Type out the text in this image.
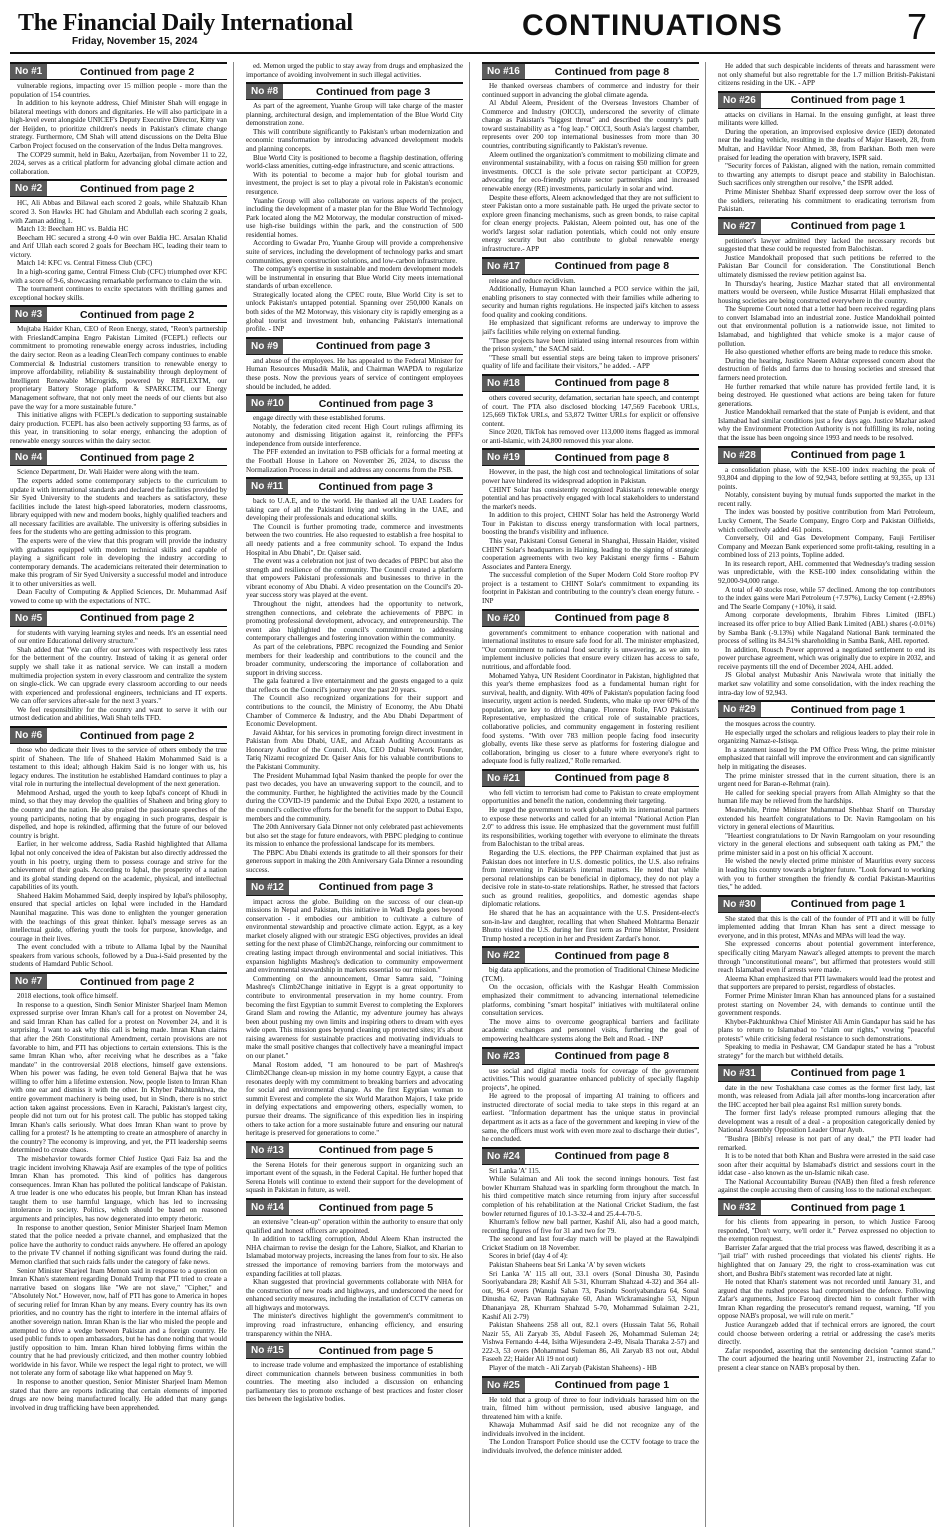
The Financial Daily International
Friday, November 15, 2024	CONTINUATIONS	7
No #1	Continued from page 2

vulnerable regions, impacting over 15 million people - more than the population of 154 countries.

In addition to his keynote address, Chief Minister Shah will engage in bilateral meetings with donors and dignitaries. He will also participate in a high-level event alongside UNICEF's Deputy Executive Director, Kitty van der Heijden, to prioritize children's needs in Pakistan's climate change strategy. Furthermore, CM Shah will attend discussions on the Delta Blue Carbon Project focused on the conservation of the Indus Delta mangroves.

The COP29 summit, held in Baku, Azerbaijan, from November 11 to 22, 2024, serves as a critical platform for advancing global climate action and collaboration.

No #2	Continued from page 2

HC, Ali Abbas and Bilawal each scored 2 goals, while Shahzaib Khan scored 3. Son Hawks HC had Ghulam and Abdullah each scoring 2 goals, with Zaman adding 1.

Match 13: Beecham HC vs. Baldia HC

Beecham HC secured a strong 4-0 win over Baldia HC. Arsalan Khalid and Arif Ullah each scored 2 goals for Beecham HC, leading their team to victory.

Match 14: KFC vs. Central Fitness Club (CFC)

In a high-scoring game, Central Fitness Club (CFC) triumphed over KFC with a score of 9-6, showcasing remarkable performance to claim the win.

The tournament continues to excite spectators with thrilling games and exceptional hockey skills.

No #3	Continued from page 2

Mujtaba Haider Khan, CEO of Reon Energy, stated, "Reon's partnership with FrieslandCampina Engro Pakistan Limited (FCEPL) reflects our commitment to promoting renewable energy across industries, including the dairy sector. Reon as a leading CleanTech company continues to enable Commercial & Industrial customers transition to renewable energy to improve affordability, reliability & sustainability through deployment of Intelligent Renewable Microgrids, powered by REFLEXTM, our proprietary Battery Storage platform & SPARKCTM, our Energy Management software, that not only meet the needs of our clients but also pave the way for a more sustainable future."

This initiative aligns with FCEPL's dedication to supporting sustainable dairy production. FCEPL has also been actively supporting 93 farms, as of this year, in transitioning to solar energy, enhancing the adoption of renewable energy sources within the dairy sector.

No #4	Continued from page 2

Science Department, Dr. Wali Haider were along with the team.

The experts added some contemporary subjects to the curriculum to update it with international standards and declared the facilities provided by Sir Syed University to the students and teachers as satisfactory, these facilities include the latest high-speed laboratories, modern classrooms, library equipped with new and modern books, highly qualified teachers and all necessary facilities are available. The university is offering subsidies in fees for the students who are getting admission to this program.

The experts were of the view that this program will provide the industry with graduates equipped with modern technical skills and capable of playing a significant role in developing the industry according to contemporary demands. The academicians reiterated their determination to make this program of Sir Syed University a successful model and introduce it to other universities as well.

Dean Faculty of Computing & Applied Sciences, Dr. Muhammad Asif vowed to come up with the expectations of NTC.

No #5	Continued from page 2

for students with varying learning styles and needs. It's an essential need of our entire Educational delivery structure."

Shah added that "We can offer our services with respectively less rates for the betterment of the country. Instead of taking it as general order supply we shall take it as national service. We can install a modern multimedia projection system in every classroom and centralize the system on single-click. We can upgrade every classroom according to our needs with experienced and professional engineers, technicians and IT experts. We can offer services after-sale for the next 3 years."

We feel responsibility for the country and want to serve it with our utmost dedication and abilities, Wali Shah tells TFD.

No #6	Continued from page 2

those who dedicate their lives to the service of others embody the true spirit of Shaheen. The life of Shaheed Hakim Mohammed Said is a testament to this ideal; although Hakim Said is no longer with us, his legacy endures. The institution he established Hamdard continues to play a vital role in nurturing the intellectual development of the next generation.

Mehmood Arshad, urged the youth to keep Iqbal's concept of Khudi in mind, so that they may develop the qualities of Shaheen and bring glory to the country and the nation. He also praised the passionate speeches of the young participants, noting that by engaging in such programs, despair is dispelled, and hope is rekindled, affirming that the future of our beloved country is bright.

Earlier, in her welcome address, Sadia Rashid highlighted that Allama Iqbal not only conceived the idea of Pakistan but also directly addressed the youth in his poetry, urging them to possess courage and strive for the achievement of their goals. According to Iqbal, the prosperity of a nation and its global standing depend on the academic, physical, and intellectual capabilities of its youth.

Shaheed Hakim Mohammed Said, deeply inspired by Iqbal's philosophy, ensured that special articles on Iqbal were included in the Hamdard Naunihal magazine. This was done to enlighten the younger generation with the teachings of this great thinker. Iqbal's message serves as an intellectual guide, offering youth the tools for purpose, knowledge, and courage in their lives.

The event concluded with a tribute to Allama Iqbal by the Naunihal speakers from various schools, followed by a Dua-i-Said presented by the students of Hamdard Public School.

No #7	Continued from page 2

2018 elections, took office himself.

In response to a question, Sindh Senior Minister Sharjeel Inam Memon expressed surprise over Imran Khan's call for a protest on November 24, and said Imran Khan has called for a protest on November 24, and it is surprising. I want to ask why this call is being made. Imran Khan claims that after the 26th Constitutional Amendment, certain provisions are not favorable to him, and PTI has objections to certain extensions. This is the same Imran Khan who, after receiving what he describes as a "fake mandate" in the controversial 2018 elections, himself gave extensions. When his power was fading, he even told General Bajwa that he was willing to offer him a lifetime extension. Now, people listen to Imran Khan with one ear and dismiss it with the other. In Khyber Pakhtunkhwa, the entire government machinery is being used, but in Sindh, there is no strict action taken against processions. Even in Karachi, Pakistan's largest city, people did not turn out for his protest call. The public has stopped taking Imran Khan's calls seriously. What does Imran Khan want to prove by calling for a protest? Is he attempting to create an atmosphere of anarchy in the country? The economy is improving, and yet, the PTI leadership seems determined to create chaos.

The misbehavior towards former Chief Justice Qazi Faiz Isa and the tragic incident involving Khawaja Asif are examples of the type of politics Imran Khan has promoted. This kind of politics has dangerous consequences. Imran Khan has polluted the political landscape of Pakistan. A true leader is one who educates his people, but Imran Khan has instead taught them to use harmful language, which has led to increasing intolerance in society. Politics, which should be based on reasoned arguments and principles, has now degenerated into empty rhetoric.

In response to another question, Senior Minister Sharjeel Inam Memon stated that the police needed a private channel, and emphasized that the police have the authority to conduct raids anywhere. He offered an apology to the private TV channel if nothing significant was found during the raid. Memon clarified that such raids falls under the category of fake news.

Senior Minister Sharjeel Inam Memon said in response to a question on Imran Khan's statement regarding Donald Trump that PTI tried to create a narrative based on slogans like "We are not slave," "Cipher," and "Absolutely Not." However, now, half of PTI has gone to America in hopes of securing relief for Imran Khan by any means. Every country has its own priorities, and no country has the right to interfere in the internal affairs of another sovereign nation. Imran Khan is the liar who misled the people and attempted to drive a wedge between Pakistan and a foreign country. He used public funds to open ambassadors, but he has done nothing that would justify opposition to him. Imran Khan hired lobbying firms within the country that he had previously criticized, and then mother country lobbied worldwide in his favor. While we respect the legal right to protect, we will not tolerate any form of sabotage like what happened on May 9.

In response to another question, Senior Minister Sharjeel Inam Memon stated that there are reports indicating that certain elements of imported drugs are now being manufactured locally. He added that many gangs involved in drug trafficking have been apprehended.

ed. Memon urged the public to stay away from drugs and emphasized the importance of avoiding involvement in such illegal activities.

No #8	Continued from page 3

As part of the agreement, Yuanhe Group will take charge of the master planning, architectural design, and implementation of the Blue World City demonstration zone.

This will contribute significantly to Pakistan's urban modernization and economic transformation by introducing advanced development models and planning concepts.

Blue World City is positioned to become a flagship destination, offering world-class amenities, cutting-edge infrastructure, and scenic attractions.

With its potential to become a major hub for global tourism and investment, the project is set to play a pivotal role in Pakistan's economic resurgence.

Yuanhe Group will also collaborate on various aspects of the project, including the development of a master plan for the Blue World Technology Park located along the M2 Motorway, the modular construction of mixed-use high-rise buildings within the park, and the construction of 500 residential homes.

According to Gwadar Pro, Yuanhe Group will provide a comprehensive suite of services, including the development of technology parks and smart communities, green construction solutions, and low-carbon infrastructure.

The company's expertise in sustainable and modern development models will be instrumental in ensuring that Blue World City meets international standards of urban excellence.

Strategically located along the CPEC route, Blue World City is set to unlock Pakistan's untapped potential. Spanning over 250,000 Kanals on both sides of the M2 Motorway, this visionary city is rapidly emerging as a global tourist and investment hub, enhancing Pakistan's international profile. - INP

No #9	Continued from page 3

and abuse of the employees. He has appealed to the Federal Minister for Human Resources Musadik Malik, and Chairman WAPDA to regularize these posts. Now the previous years of service of contingent employees should be included, he added.

No #10	Continued from page 3

engage directly with these established forums.

Notably, the federation cited recent High Court rulings affirming its autonomy and dismissing litigation against it, reinforcing the PFF's independence from outside interference.

The PFF extended an invitation to PSB officials for a formal meeting at the Football House in Lahore on November 26, 2024, to discuss the Normalization Process in detail and address any concerns from the PSB.

No #11	Continued from page 3

back to U.A.E, and to the world. He thanked all the UAE Leaders for taking care of all the Pakistani living and working in the UAE, and developing their professionals and educational skills.

The Council is further promoting trade, commerce and investments between the two countries. He also requested to establish a free hospital to all needy patients and a free community school. To expand the Indus Hospital in Abu Dhabi", Dr. Qaiser said.

The event was a celebration not just of two decades of PBPC but also the strength and resilience of the community. The Council created a platform that empowers Pakistani professionals and businesses to thrive in the vibrant economy of Abu Dhabi. A video presentation on the Council's 20-year success story was played at the event.

Throughout the night, attendees had the opportunity to network, strengthen connections, and celebrate the achievements of PBPC in promoting professional development, advocacy, and entrepreneurship. The event also highlighted the council's commitment to addressing contemporary challenges and fostering innovation within the community.

As part of the celebrations, PBPC recognized the Founding and Senior members for their leadership and contributions to the council and the broader community, underscoring the importance of collaboration and support in driving success.

The gala featured a live entertainment and the guests engaged to a quiz that reflects on the Council's journey over the past 20 years.

The Council also recognized organizations for their support and contributions to the council, the Ministry of Economy, the Abu Dhabi Chamber of Commerce & Industry, and the Abu Dhabi Department of Economic Development.

Javaid Akhtar, for his services in promoting foreign direct investment in Pakistan from Abu Dhabi, UAE, and Afzaah Auditing Accountants as Honorary Auditor of the Council. Also, CEO Dubai Network Founder, Tariq Nizami recognized Dr. Qaiser Anis for his valuable contributions to the Pakistani Community.

The President Muhammad Iqbal Nasim thanked the people for over the past two decades, you have an unwavering support to the council, and to the community. Further, he highlighted the activities made by the Council during the COVID-19 pandemic and the Dubai Expo 2020, a testament to the council's collective efforts for the benefit for the support to Dubai Expo, members and the community.

The 20th Anniversary Gala Dinner not only celebrated past achievements but also set the stage for future endeavors, with PBPC pledging to continue its mission to enhance the professional landscape for its members.

The PBPC Abu Dhabi extends its gratitude to all their sponsors for their generous support in making the 20th Anniversary Gala Dinner a resounding success.

No #12	Continued from page 3

impact across the globe. Building on the success of our clean-up missions in Nepal and Pakistan, this initiative in Wadi Degla goes beyond conservation - it embodies our ambition to cultivate a culture of environmental stewardship and proactive climate action. Egypt, as a key market closely aligned with our strategic ESG objectives, provides an ideal setting for the next phase of Climb2Change, reinforcing our commitment to creating lasting impact through environmental and social initiatives. This expansion highlights Mashreq's dedication to community empowerment and environmental stewardship in markets essential to our mission."

Commenting on the announcement, Omar Samra said, "Joining Mashreq's Climb2Change initiative in Egypt is a great opportunity to contribute to environmental preservation in my home country. From becoming the first Egyptian to summit Everest to completing the Explorers Grand Slam and rowing the Atlantic, my adventure journey has always been about pushing my own limits and inspiring others to dream with eyes wide open. This mission goes beyond cleaning up protected sites; it's about raising awareness for sustainable practices and motivating individuals to make the small positive changes that collectively have a meaningful impact on our planet."

Manal Rostom added, "I am honoured to be part of Mashreq's Climb2Change clean-up mission in my home country Egypt, a cause that resonates deeply with my commitment to breaking barriers and advocating for social and environmental change. As the first Egyptian woman to summit Everest and complete the six World Marathon Majors, I take pride in defying expectations and empowering others, especially women, to pursue their dreams. The significance of this expedition lies in inspiring others to take action for a more sustainable future and ensuring our natural heritage is preserved for generations to come."

No #13	Continued from page 5

the Serena Hotels for their generous support in organizing such an important event of the squash, in the Federal Capital. He further hoped that Serena Hotels will continue to extend their support for the development of squash in Pakistan in future, as well.

No #14	Continued from page 5

an extensive "clean-up" operation within the authority to ensure that only qualified and honest officers are appointed.

In addition to tackling corruption, Abdul Aleem Khan instructed the NHA chairman to revise the design for the Lahore, Sialkot, and Kharian to Islamabad motorway projects, increasing the lanes from four to six. He also stressed the importance of removing barriers from the motorways and expanding facilities at toll plazas.

Khan suggested that provincial governments collaborate with NHA for the construction of new roads and highways, and underscored the need for enhanced security measures, including the installation of CCTV cameras on all highways and motorways.

The minister's directives highlight the government's commitment to improving road infrastructure, enhancing efficiency, and ensuring transparency within the NHA.

No #15	Continued from page 5

to increase trade volume and emphasized the importance of establishing direct communication channels between business communities in both countries. The meeting also included a discussion on enhancing parliamentary ties to promote exchange of best practices and foster closer ties between the legislative bodies.

No #16	Continued from page 8

He thanked overseas chambers of commerce and industry for their continued support in advancing the global climate agenda.

Al Abdul Aleem, President of the Overseas Investors Chamber of Commerce and Industry (OICCI), underscored the severity of climate change as Pakistan's "biggest threat" and described the country's path toward sustainability as a "fog leap." OICCI, South Asia's largest chamber, represents over 200 top international businesses from more than 30 countries, contributing significantly to Pakistan's revenue.

Aleem outlined the organization's commitment to mobilizing climate and environmental sustainability, with a focus on raising $50 million for green investments. OICCI is the sole private sector participant at COP29, advocating for eco-friendly private sector partnerships and increased renewable energy (RE) investments, particularly in solar and wind.

Despite these efforts, Aleem acknowledged that they are not sufficient to steer Pakistan onto a more sustainable path. He urged the private sector to explore green financing mechanisms, such as green bonds, to raise capital for clean energy projects. Pakistan, Aleem pointed out, has one of the world's largest solar radiation potentials, which could not only ensure energy security but also contribute to global renewable energy infrastructure.- APP

No #17	Continued from page 8

release and reduce recidivism.

Additionally, Humayun Khan launched a PCO service within the jail, enabling prisoners to stay connected with their families while adhering to security and human rights regulations. He inspected jail's kitchen to assess food quality and cooking conditions.

He emphasized that significant reforms are underway to improve the jail's facilities while relying on external funding.

"These projects have been initiated using internal resources from within the prison system," the SACM said.

"These small but essential steps are being taken to improve prisoners' quality of life and facilitate their visitors," he added. - APP

No #18	Continued from page 8

others covered security, defamation, sectarian hate speech, and contempt of court. The PTA also disclosed blocking 147,569 Facebook URLs, 125,669 TikTok URLs, and 53,872 Twitter URLs for explicit or offensive content.

Since 2020, TikTok has removed over 113,000 items flagged as immoral or anti-Islamic, with 24,800 removed this year alone.

No #19	Continued from page 8

However, in the past, the high cost and technological limitations of solar power have hindered its widespread adoption in Pakistan.

CHINT Solar has consistently recognized Pakistan's renewable energy potential and has proactively engaged with local stakeholders to understand the market's needs.

In addition to this project, CHINT Solar has held the Astronergy World Tour in Pakistan to discuss energy transformation with local partners, boosting the brand's visibility and influence.

This year, Pakistani Consul General in Shanghai, Hussain Haider, visited CHINT Solar's headquarters in Haining, leading to the signing of strategic cooperation agreements with two key Pakistani energy firms - Bahum Associates and Pantera Energy.

The successful completion of the Super Modern Cold Store rooftop PV project is a testament to CHINT Solar's commitment to expanding its footprint in Pakistan and contributing to the country's clean energy future. - INP

No #20	Continued from page 8

government's commitment to enhance cooperation with national and international institutes to ensure safe food for all. The minister emphasized, "Our commitment to national food security is unwavering, as we aim to implement inclusive policies that ensure every citizen has access to safe, nutritious, and affordable food.

Mohamed Yahya, UN Resident Coordinator in Pakistan, highlighted that this year's theme emphasizes food as a fundamental human right for survival, health, and dignity. With 40% of Pakistan's population facing food insecurity, urgent action is needed. Students, who make up over 60% of the population, are key to driving change. Florence Rolle, FAO Pakistan's Representative, emphasized the critical role of sustainable practices, collaborative policies, and community engagement in fostering resilient food systems. "With over 783 million people facing food insecurity globally, events like these serve as platforms for fostering dialogue and collaboration, bringing us closer to a future where everyone's right to adequate food is fully realized," Rolle remarked.

No #21	Continued from page 8

who fell victim to terrorism had come to Pakistan to create employment opportunities and benefit the nation, condemning their targeting.

He urged the government to work globally with its international partners to expose these networks and called for an internal "National Action Plan 2.0" to address this issue. He emphasized that the government must fulfill its responsibilities, working together with everyone to eliminate the threats from Balochistan to the tribal areas.

Regarding the U.S. elections, the PPP Chairman explained that just as Pakistan does not interfere in U.S. domestic politics, the U.S. also refrains from intervening in Pakistan's internal matters. He noted that while personal relationships can be beneficial in diplomacy, they do not play a decisive role in state-to-state relationships. Rather, he stressed that factors such as ground realities, geopolitics, and domestic agendas shape diplomatic relations.

He shared that he has an acquaintance with the U.S. President-elect's son-in-law and daughter, recalling that when Shaheed Mohtarma Benazir Bhutto visited the U.S. during her first term as Prime Minister, President Trump hosted a reception in her and President Zardari's honor.

No #22	Continued from page 8

big data applications, and the promotion of Traditional Chinese Medicine (TCM).

On the occasion, officials with the Kashgar Health Commission emphasized their commitment to advancing international telemedicine platforms, combining "smart hospital" initiatives with multilateral online consultation services.

The move aims to overcome geographical barriers and facilitate academic exchanges and personnel visits, furthering the goal of empowering healthcare systems along the Belt and Road. - INP

No #23	Continued from page 8

use social and digital media tools for coverage of the government activities."This would guarantee enhanced publicity of specially flagship projects", he opined.

He agreed to the proposal of imparting AI training to officers and instructed directorate of social media to take steps in this regard at an earliest. "Information department has the unique status in provincial department as it acts as a face of the government and keeping in view of the same, the officers must work with even more zeal to discharge their duties", he concluded.

No #24	Continued from page 8

Sri Lanka 'A' 115.

While Sulaiman and Ali took the second innings honours. Test fast bowler Khurram Shahzad was in sparkling form throughout the match. In his third competitive match since returning from injury after successful completion of his rehabilitation at the National Cricket Stadium, the fast bowler returned figures of 10.1-3-32-4 and 25.4-4-70-5.

Khurram's fellow new ball partner, Kashif Ali, also had a good match, recording figures of five for 31 and two for 79.

The second and last four-day match will be played at the Rawalpindi Cricket Stadium on 18 November.

Scores in brief (day 4 of 4):

Pakistan Shaheens beat Sri Lanka 'A' by seven wickets

Sri Lanka 'A' 115 all out, 33.1 overs (Sonal Dinusha 30, Pasindu Sooriyabandara 28; Kashif Ali 5-31, Khurram Shahzad 4-32) and 364 all-out, 96.4 overs (Wanuja Sahan 73, Pasindu Sooriyabandara 64, Sonal Dinusha 62, Pavan Rathnayake 60, Ahan Wickramasinghe 53, Nipun Dhananjaya 28, Khurram Shahzad 5-70, Mohammad Sulaiman 2-21, Kashif Ali 2-79)

Pakistan Shaheens 258 all out, 82.1 overs (Hussain Talat 56, Rohail Nazir 55, Ali Zaryab 35, Abdul Faseeh 26, Mohammad Suleman 24; Vishwa Fernando 4-44, Isitha Wijesundera 2-49, Nisala Tharaka 2-57) and 222-3, 53 overs (Mohammad Suleman 86, Ali Zaryab 83 not out, Abdul Faseeh 22; Haider Ali 19 not out)

Player of the match - Ali Zaryab (Pakistan Shaheens) - HB

No #25	Continued from page 1

He told that a group of three to four individuals harassed him on the train, filmed him without permission, used abusive language, and threatened him with a knife.

Khawaja Muhammad Asif said he did not recognize any of the individuals involved in the incident.

The London Transport Police should use the CCTV footage to trace the individuals involved, the defence minister added.

He added that such despicable incidents of threats and harassment were not only shameful but also regrettable for the 1.7 million British-Pakistani citizens residing in the UK. - APP

No #26	Continued from page 1

attacks on civilians in Harnai. In the ensuing gunfight, at least three militants were killed.

During the operation, an improvised explosive device (IED) detonated near the leading vehicle, resulting in the deaths of Major Haseeb, 28, from Multan, and Havildar Noor Ahmed, 38, from Barkhan. Both men were praised for leading the operation with bravery, ISPR said.

"Security forces of Pakistan, aligned with the nation, remain committed to thwarting any attempts to disrupt peace and stability in Balochistan. Such sacrifices only strengthen our resolve," the ISPR added.

Prime Minister Shehbaz Sharif expressed deep sorrow over the loss of the soldiers, reiterating his commitment to eradicating terrorism from Pakistan.

No #27	Continued from page 1

petitioner's lawyer admitted they lacked the necessary records but suggested that these could be requested from Balochistan.

Justice Mandokhail proposed that such petitions be referred to the Pakistan Bar Council for consideration. The Constitutional Bench ultimately dismissed the review petition against Isa.

In Thursday's hearing, Justice Mazhar stated that all environmental matters would be overseen, while Justice Musarrat Hilali emphasized that housing societies are being constructed everywhere in the country.

The Supreme Court noted that a letter had been received regarding plans to convert Islamabad into an industrial zone. Justice Mandokhail pointed out that environmental pollution is a nationwide issue, not limited to Islamabad, and highlighted that vehicle smoke is a major cause of pollution.

He also questioned whether efforts are being made to reduce this smoke.

During the hearing, Justice Naeem Akhtar expressed concern about the destruction of fields and farms due to housing societies and stressed that farmers need protection.

He further remarked that while nature has provided fertile land, it is being destroyed. He questioned what actions are being taken for future generations.

Justice Mandokhail remarked that the state of Punjab is evident, and that Islamabad had similar conditions just a few days ago. Justice Mazhar asked why the Environment Protection Authority is not fulfilling its role, noting that the issue has been ongoing since 1993 and needs to be resolved.

No #28	Continued from page 1

a consolidation phase, with the KSE-100 index reaching the peak of 93,804 and dipping to the low of 92,943, before settling at 93,355, up 131 points.

Notably, consistent buying by mutual funds supported the market in the recent rally.

The index was boosted by positive contribution from Mari Petroleum, Lucky Cement, The Searle Company, Engro Corp and Pakistan Oilfields, which collectively added 461 points.

Conversely, Oil and Gas Development Company, Fauji Fertiliser Company and Meezan Bank experienced some profit-taking, resulting in a combined loss of 213 points, Topline added.

In its research report, AHL commented that Wednesday's trading session was unpredictable, with the KSE-100 index consolidating within the 92,000-94,000 range.

A total of 40 stocks rose, while 57 declined. Among the top contributors to the index gains were Mari Petroleum (+7.97%), Lucky Cement (+2.89%) and The Searle Company (+10%), it said.

Among corporate developments, Ibrahim Fibres Limited (IBFL) increased its offer price to buy Allied Bank Limited (ABL) shares (-0.01%) by Samba Bank (-9.13%) while Nagaland National Bank terminated the process of selling its 84.51% shareholding in Samba Bank, AHL reported.

In addition, Rousch Power approved a negotiated settlement to end its power purchase agreement, which was originally due to expire in 2032, and receive payments till the end of December 2024, AHL added.

JS Global analyst Mubashir Anis Nawiwala wrote that initially the market saw volatility and some consolidation, with the index reaching the intra-day low of 92,943.

No #29	Continued from page 1

the mosques across the country.

He especially urged the scholars and religious leaders to play their role in organizing Namaz-e-Istisqa.

In a statement issued by the PM Office Press Wing, the prime minister emphasized that rainfall will improve the environment and can significantly help in mitigating the diseases.

The prime minister stressed that in the current situation, there is an urgent need for Baran-e-Rehmat (rain).

He called for seeking special prayers from Allah Almighty so that the human life may be relieved from the hardships.

Meanwhile, Prime Minister Muhammad Shehbaz Sharif on Thursday extended his heartfelt congratulations to Dr. Navin Ramgoolam on his victory in general elections of Mauritius.

"Heartiest congratulations to Dr Navin Ramgoolam on your resounding victory in the general elections and subsequent oath taking as PM," the prime minister said in a post on his official X account.

He wished the newly elected prime minister of Mauritius every success in leading his country towards a brighter future. "Look forward to working with you to further strengthen the friendly & cordial Pakistan-Mauritius ties," he added.

No #30	Continued from page 1

She stated that this is the call of the founder of PTI and it will be fully implemented adding that Imran Khan has sent a direct message to everyone, and in this protest, MNAs and MPAs will lead the way.

She expressed concerns about potential government interference, specifically citing Maryam Nawaz's alleged attempts to prevent the march through "unconstitutional means", but affirmed that protesters would still reach Islamabad even if arrests were made.

Aleema Khan emphasized that PTI lawmakers would lead the protest and that supporters are prepared to persist, regardless of obstacles.

Former Prime Minister Imran Khan has announced plans for a sustained protest starting on November 24, with demands to continue until the government responds.

Khyber-Pakhtunkhwa Chief Minister Ali Amin Gandapur has said he has plans to return to Islamabad to "claim our rights," vowing "peaceful protests" while criticising federal resistance to such demonstrations.

Speaking to media in Peshawar, CM Gandapur stated he has a "robust strategy" for the march but withheld details.

No #31	Continued from page 1

date in the new Toshakhana case comes as the former first lady, last month, was released from Adiala jail after months-long incarceration after the IHC accepted her bail plea against Rs1 million surety bonds.

The former first lady's release prompted rumours alleging that the development was a result of a deal - a proposition categorically denied by National Assembly Opposition Leader Omar Ayub.

"Bushra [Bibi's] release is not part of any deal," the PTI leader had remarked.

It is to be noted that both Khan and Bushra were arrested in the said case soon after their acquittal by Islamabad's district and sessions court in the iddat case - also known as the un-Islamic nikah case.

The National Accountability Bureau (NAB) then filed a fresh reference against the couple accusing them of causing loss to the national exchequer.

No #32	Continued from page 1

for his clients from appearing in person, to which Justice Farooq responded, "Don't worry, we'll order it." Pervez expressed no objection to the exemption request.

Barrister Zafar argued that the trial process was flawed, describing it as a "jail trial" with rushed proceedings that violated his clients' rights. He highlighted that on January 29, the right to cross-examination was cut short, and Bushra Bibi's statement was recorded late at night.

He noted that Khan's statement was not recorded until January 31, and argued that the rushed process had compromised the defence. Following Zafar's arguments, Justice Farooq directed him to consult further with Imran Khan regarding the prosecutor's remand request, warning, "If you oppose NAB's proposal, we will rule on merit."

Justice Aurangzeb added that if technical errors are ignored, the court could choose between ordering a retrial or addressing the case's merits directly.

Zafar responded, asserting that the sentencing decision "cannot stand." The court adjourned the hearing until November 21, instructing Zafar to present a clear stance on NAB's proposal by then.
